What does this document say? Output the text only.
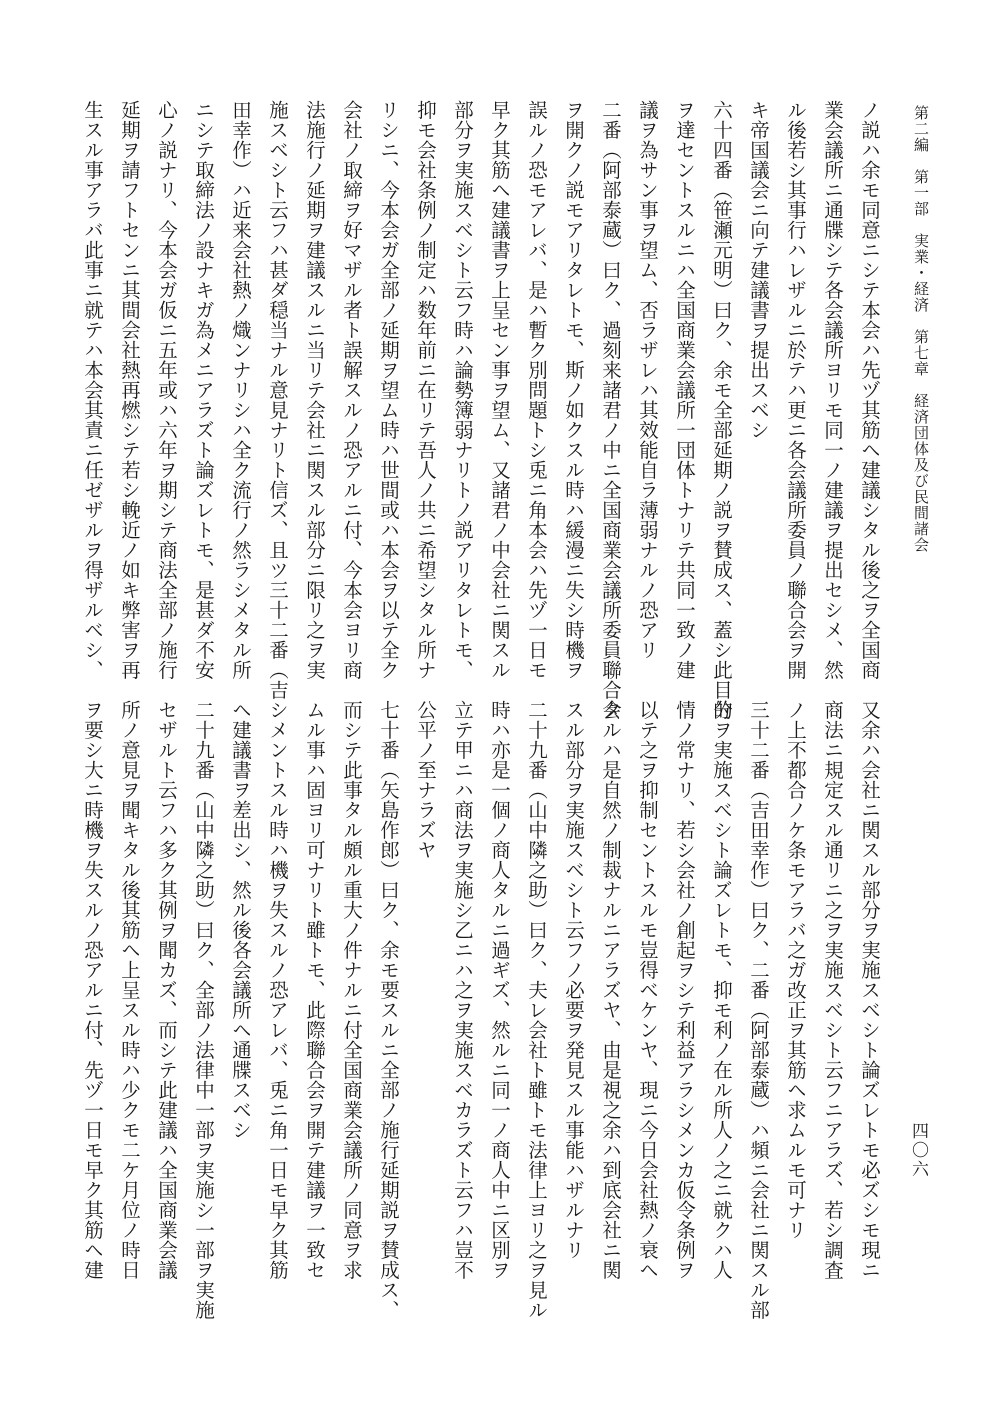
第二編　第一部　実業・経済　第七章　経済団体及び民間諸会
ノ説ハ余モ同意ニシテ本会ハ先ヅ其筋ヘ建議シタル後之ヲ全国商
業会議所ニ通牒シテ各会議所ヨリモ同一ノ建議ヲ提出セシメ、然
ル後若シ其事行ハレザルニ於テハ更ニ各会議所委員ノ聯合会ヲ開
キ帝国議会ニ向テ建議書ヲ提出スベシ
六十四番（笹瀬元明）曰ク、余モ全部延期ノ説ヲ賛成ス、蓋シ此目的
ヲ達セントスルニハ全国商業会議所一団体トナリテ共同一致ノ建
議ヲ為サン事ヲ望ム、否ラザレハ其效能自ラ薄弱ナルノ恐アリ
二番（阿部泰蔵）曰ク、過刻来諸君ノ中ニ全国商業会議所委員聯合会
ヲ開クノ説モアリタレトモ、斯ノ如クスル時ハ緩漫ニ失シ時機ヲ
誤ルノ恐モアレバ、是ハ暫ク別問題トシ兎ニ角本会ハ先ヅ一日モ
早ク其筋ヘ建議書ヲ上呈セン事ヲ望ム、又諸君ノ中会社ニ関スル
部分ヲ実施スベシト云フ時ハ論勢簿弱ナリトノ説アリタレトモ、
抑モ会社条例ノ制定ハ数年前ニ在リテ吾人ノ共ニ希望シタル所ナ
リシニ、今本会ガ全部ノ延期ヲ望ム時ハ世間或ハ本会ヲ以テ全ク
会社ノ取締ヲ好マザル者ト誤解スルノ恐アルニ付、今本会ヨリ商
法施行ノ延期ヲ建議スルニ当リテ会社ニ関スル部分ニ限リ之ヲ実
施スベシト云フハ甚ダ穏当ナル意見ナリト信ズ、且ツ三十二番（吉
田幸作）ハ近来会社熱ノ熾ンナリシハ全ク流行ノ然ラシメタル所
ニシテ取締法ノ設ナキガ為メニアラズト論ズレトモ、是甚ダ不安
心ノ説ナリ、今本会ガ仮ニ五年或ハ六年ヲ期シテ商法全部ノ施行
延期ヲ請フトセンニ其間会社熱再燃シテ若シ輓近ノ如キ弊害ヲ再
生スル事アラバ此事ニ就テハ本会其責ニ任ゼザルヲ得ザルベシ、
四〇六
又余ハ会社ニ関スル部分ヲ実施スベシト論ズレトモ必ズシモ現ニ
商法ニ規定スル通リニ之ヲ実施スベシト云フニアラズ、若シ調査
ノ上不都合ノケ条モアラバ之ガ改正ヲ其筋ヘ求ムルモ可ナリ
三十二番（吉田幸作）曰ク、二番（阿部泰蔵）ハ頻ニ会社ニ関スル部
分ヲ実施スベシト論ズレトモ、抑モ利ノ在ル所人ノ之ニ就クハ人
情ノ常ナリ、若シ会社ノ創起ヲシテ利益アラシメンカ仮令条例ヲ
以テ之ヲ抑制セントスルモ豈得ベケンヤ、現ニ今日会社熱ノ衰ヘ
タルハ是自然ノ制裁ナルニアラズヤ、由是視之余ハ到底会社ニ関
スル部分ヲ実施スベシト云フノ必要ヲ発見スル事能ハザルナリ
二十九番（山中隣之助）曰ク、夫レ会社ト雖トモ法律上ヨリ之ヲ見ル
時ハ亦是一個ノ商人タルニ過ギズ、然ルニ同一ノ商人中ニ区別ヲ
立テ甲ニハ商法ヲ実施シ乙ニハ之ヲ実施スベカラズト云フハ豈不
公平ノ至ナラズヤ
七十番（矢島作郎）曰ク、余モ要スルニ全部ノ施行延期説ヲ賛成ス、
而シテ此事タル頗ル重大ノ件ナルニ付全国商業会議所ノ同意ヲ求
ムル事ハ固ヨリ可ナリト雖トモ、此際聯合会ヲ開テ建議ヲ一致セ
シメントスル時ハ機ヲ失スルノ恐アレバ、兎ニ角一日モ早ク其筋
ヘ建議書ヲ差出シ、然ル後各会議所ヘ通牒スベシ
二十九番（山中隣之助）曰ク、全部ノ法律中一部ヲ実施シ一部ヲ実施
セザルト云フハ多ク其例ヲ聞カズ、而シテ此建議ハ全国商業会議
所ノ意見ヲ聞キタル後其筋ヘ上呈スル時ハ少クモ二ケ月位ノ時日
ヲ要シ大ニ時機ヲ失スルノ恐アルニ付、先ヅ一日モ早ク其筋ヘ建
